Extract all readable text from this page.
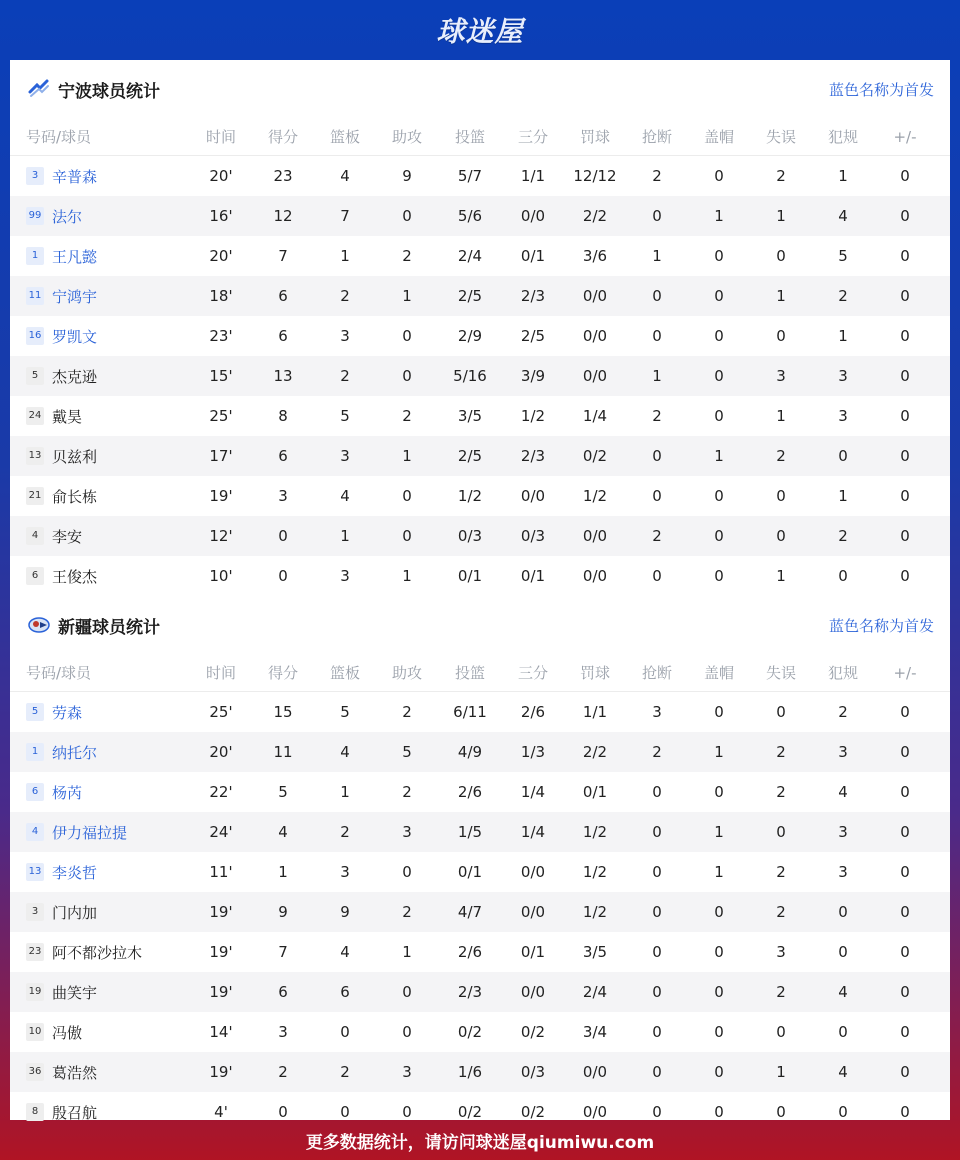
球迷屋
宁波球员统计	蓝色名称为首发
号码/球员	时间	得分	篮板	助攻	投篮	三分	罚球	抢断	盖帽	失误	犯规	+/-
3 辛普森	20'	23	4	9	5/7	1/1	12/12	2	0	2	1	0
99 法尔	16'	12	7	0	5/6	0/0	2/2	0	1	1	4	0
1 王凡懿	20'	7	1	2	2/4	0/1	3/6	1	0	0	5	0
11 宁鸿宇	18'	6	2	1	2/5	2/3	0/0	0	0	1	2	0
16 罗凯文	23'	6	3	0	2/9	2/5	0/0	0	0	0	1	0
5 杰克逊	15'	13	2	0	5/16	3/9	0/0	1	0	3	3	0
24 戴昊	25'	8	5	2	3/5	1/2	1/4	2	0	1	3	0
13 贝兹利	17'	6	3	1	2/5	2/3	0/2	0	1	2	0	0
21 俞长栋	19'	3	4	0	1/2	0/0	1/2	0	0	0	1	0
4 李安	12'	0	1	0	0/3	0/3	0/0	2	0	0	2	0
6 王俊杰	10'	0	3	1	0/1	0/1	0/0	0	0	1	0	0
新疆球员统计	蓝色名称为首发
号码/球员	时间	得分	篮板	助攻	投篮	三分	罚球	抢断	盖帽	失误	犯规	+/-
5 劳森	25'	15	5	2	6/11	2/6	1/1	3	0	0	2	0
1 纳托尔	20'	11	4	5	4/9	1/3	2/2	2	1	2	3	0
6 杨芮	22'	5	1	2	2/6	1/4	0/1	0	0	2	4	0
4 伊力福拉提	24'	4	2	3	1/5	1/4	1/2	0	1	0	3	0
13 李炎哲	11'	1	3	0	0/1	0/0	1/2	0	1	2	3	0
3 门内加	19'	9	9	2	4/7	0/0	1/2	0	0	2	0	0
23 阿不都沙拉木	19'	7	4	1	2/6	0/1	3/5	0	0	3	0	0
19 曲笑宇	19'	6	6	0	2/3	0/0	2/4	0	0	2	4	0
10 冯傲	14'	3	0	0	0/2	0/2	3/4	0	0	0	0	0
36 葛浩然	19'	2	2	3	1/6	0/3	0/0	0	0	1	4	0
8 殷召航	4'	0	0	0	0/2	0/2	0/0	0	0	0	0	0
更多数据统计，请访问球迷屋qiumiwu.com
